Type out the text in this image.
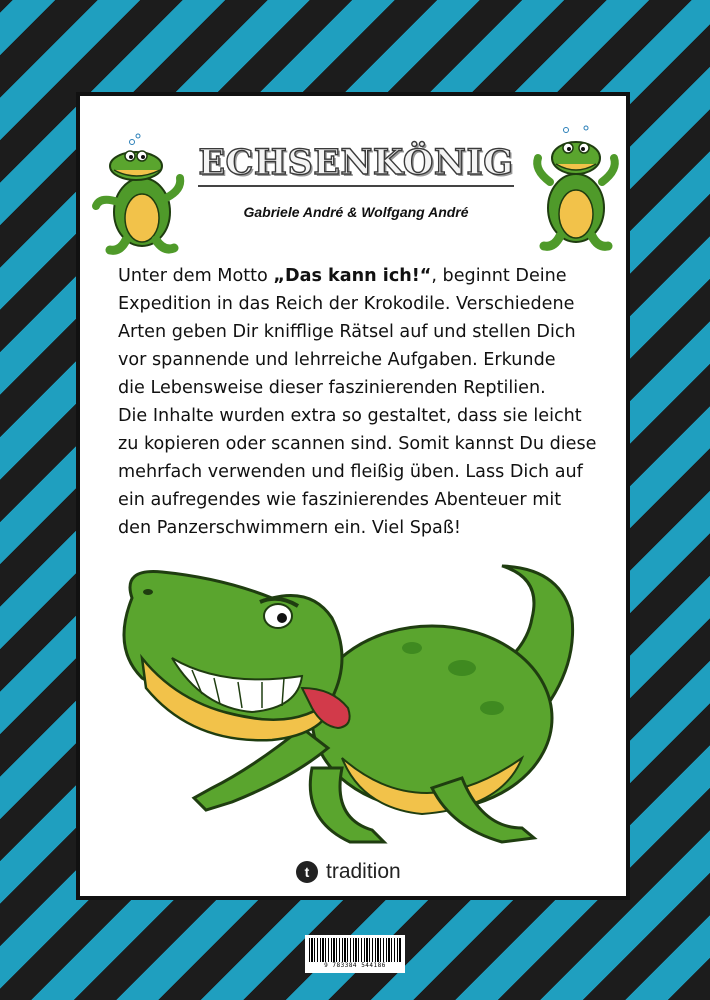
ECHSENKÖNIG
Gabriele André & Wolfgang André
Unter dem Motto „Das kann ich!“, beginnt Deine
Expedition in das Reich der Krokodile. Verschiedene
Arten geben Dir knifflige Rätsel auf und stellen Dich
vor spannende und lehrreiche Aufgaben. Erkunde
die Lebensweise dieser faszinierenden Reptilien.
Die Inhalte wurden extra so gestaltet, dass sie leicht
zu kopieren oder scannen sind. Somit kannst Du diese
mehrfach verwenden und fleißig üben. Lass Dich auf
ein aufregendes wie faszinierendes Abenteuer mit
den Panzerschwimmern ein. Viel Spaß!
t tradition
9 783384 544186
